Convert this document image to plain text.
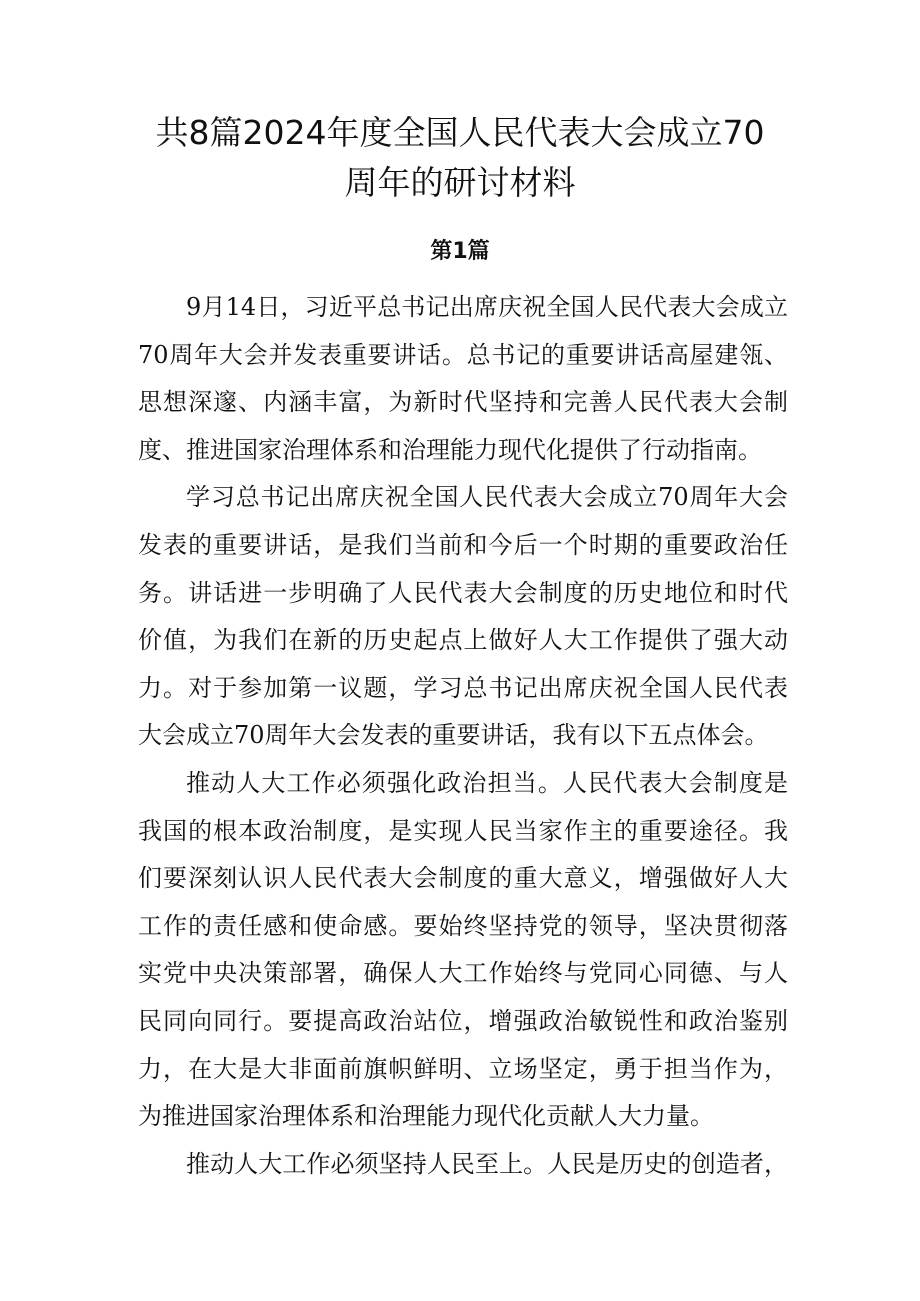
共8篇2024年度全国人民代表大会成立70
周年的研讨材料
第1篇

9月14日，习近平总书记出席庆祝全国人民代表大会成立
70周年大会并发表重要讲话。总书记的重要讲话高屋建瓴、
思想深邃、内涵丰富，为新时代坚持和完善人民代表大会制
度、推进国家治理体系和治理能力现代化提供了行动指南。

学习总书记出席庆祝全国人民代表大会成立70周年大会
发表的重要讲话，是我们当前和今后一个时期的重要政治任
务。讲话进一步明确了人民代表大会制度的历史地位和时代
价值，为我们在新的历史起点上做好人大工作提供了强大动
力。对于参加第一议题，学习总书记出席庆祝全国人民代表
大会成立70周年大会发表的重要讲话，我有以下五点体会。

推动人大工作必须强化政治担当。人民代表大会制度是
我国的根本政治制度，是实现人民当家作主的重要途径。我
们要深刻认识人民代表大会制度的重大意义，增强做好人大
工作的责任感和使命感。要始终坚持党的领导，坚决贯彻落
实党中央决策部署，确保人大工作始终与党同心同德、与人
民同向同行。要提高政治站位，增强政治敏锐性和政治鉴别
力，在大是大非面前旗帜鲜明、立场坚定，勇于担当作为，
为推进国家治理体系和治理能力现代化贡献人大力量。

推动人大工作必须坚持人民至上。人民是历史的创造者，
